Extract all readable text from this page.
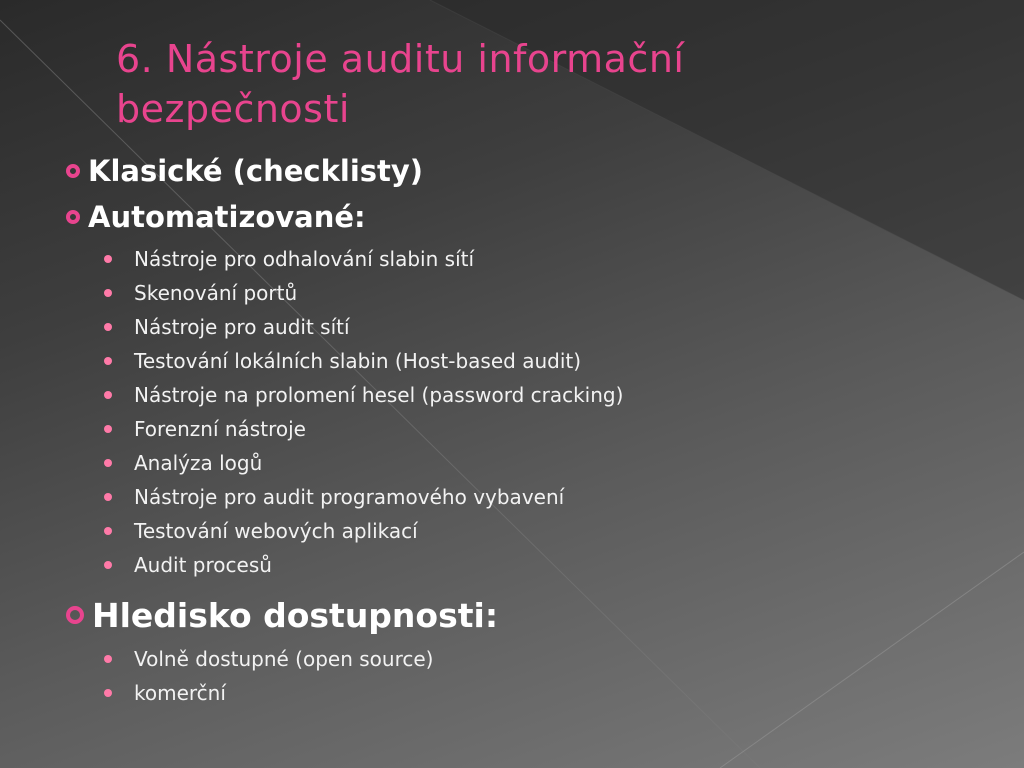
6. Nástroje auditu informační bezpečnosti
Klasické (checklisty)
Automatizované:
Nástroje pro odhalování slabin sítí
Skenování portů
Nástroje pro audit sítí
Testování lokálních slabin (Host-based audit)
Nástroje na prolomení hesel (password cracking)
Forenzní nástroje
Analýza logů
Nástroje pro audit programového vybavení
Testování webových aplikací
Audit procesů
Hledisko dostupnosti:
Volně dostupné (open source)
komerční
